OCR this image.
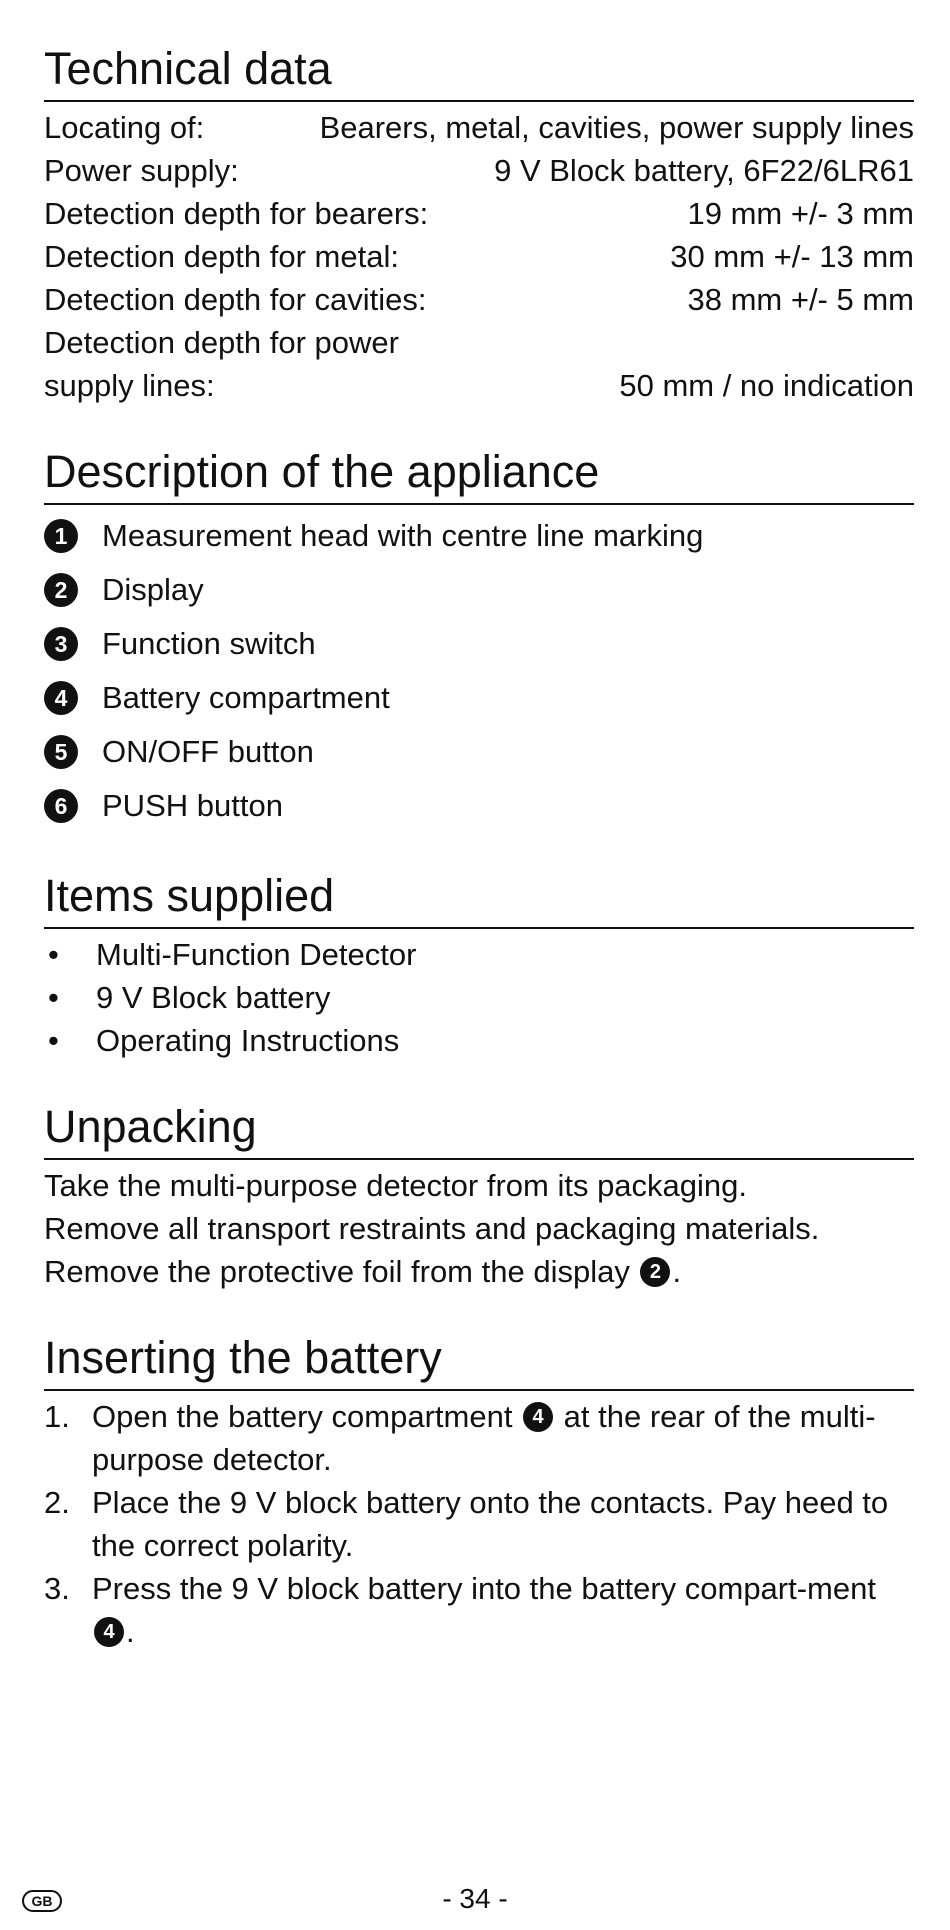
Technical data
Locating of:	Bearers, metal, cavities, power supply lines
Power supply:	9 V Block battery, 6F22/6LR61
Detection depth for bearers:	19 mm +/- 3 mm
Detection depth for metal:	30 mm +/- 13 mm
Detection depth for cavities:	38 mm +/- 5 mm
Detection depth for power
supply lines:	50 mm / no indication
Description of the appliance
1	Measurement head with centre line marking
2	Display
3	Function switch
4	Battery compartment
5	ON/OFF button
6	PUSH button
Items supplied
•	Multi-Function Detector
•	9 V Block battery
•	Operating Instructions
Unpacking
Take the multi-purpose detector from its packaging.
Remove all transport restraints and packaging materials.
Remove the protective foil from the display 2 .
Inserting the battery
1. Open the battery compartment 4 at the rear of the multi-purpose detector.
2. Place the 9 V block battery onto the contacts. Pay heed to the correct polarity.
3. Press the 9 V block battery into the battery compart-ment 4 .
GB	- 34 -
